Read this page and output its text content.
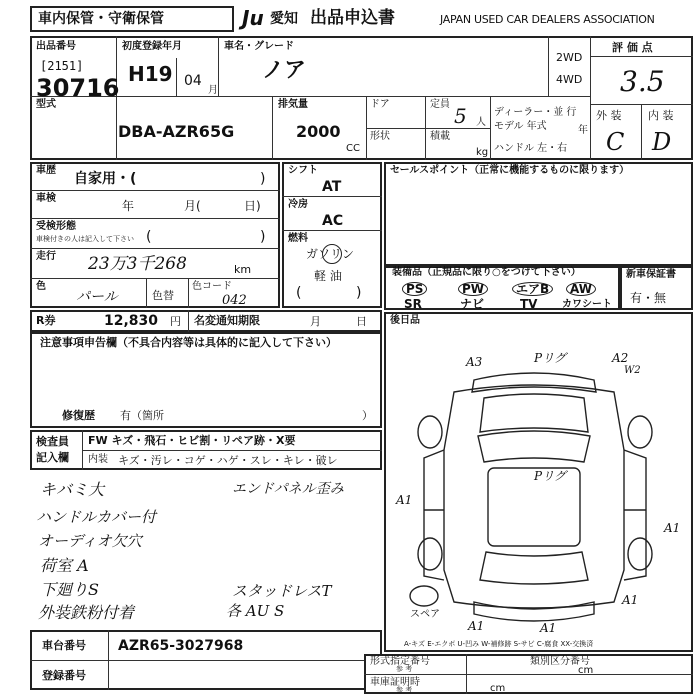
車内保管・守衛保管	Ju 愛知 出品申込書	JAPAN USED CAR DEALERS ASSOCIATION
出品番号
[2151]
30716
初度登録年月
H19 04
月
車名・グレード
ノア
2WD
4WD
評 価 点
3.5
型式
DBA-AZR65G
排気量
2000
CC
ドア
形状
定員 5 人
積載
kg
ディーラー・並 行
モデル 年式	年
ハンドル 左・右
外 装 内 装
C D
車歴
自家用・(	)
車検
年	月(	日)
受検形態
車検付きの人は記入して下さい (	)
走行 23万3千268	km
色
パール	色替
色コード
042
シフト
AT
冷房
AC
燃料
ガソリン
軽 油
(	)
セールスポイント（正常に機能するものに限ります）
装備品（正規品に限り○をつけて下さい）
PS	PW	エアB	AW
SR	ナビ	TV カワシート
新車保証書
有・無
R券	12,830 円 名変通知期限	月	日
注意事項申告欄（不具合内容等は具体的に記入して下さい）
修復歴 有（箇所	）
検査員
記入欄
FW キズ・飛石・ヒビ割・リペア跡・X要
内装 キズ・汚レ・コゲ・ハゲ・スレ・キレ・破レ
キバミ大
ハンドルカバー付
オーディオ欠穴
荷室 A
下廻りS
外装鉄粉付着
エンドパネル歪み
スタッドレスT
各 AU S
車台番号 AZR65-3027968
登録番号
後日品
A3	Pリグ	A2
W2
Pリグ
A1
A1
A1	A1
A1
スペア
A-キズ E-エクボ U-凹み W-補修跡 S-サビ C-腐食 XX-交換済
形式指定番号	類別区分番号
参 考	cm
車庫証明時
参 考	cm
